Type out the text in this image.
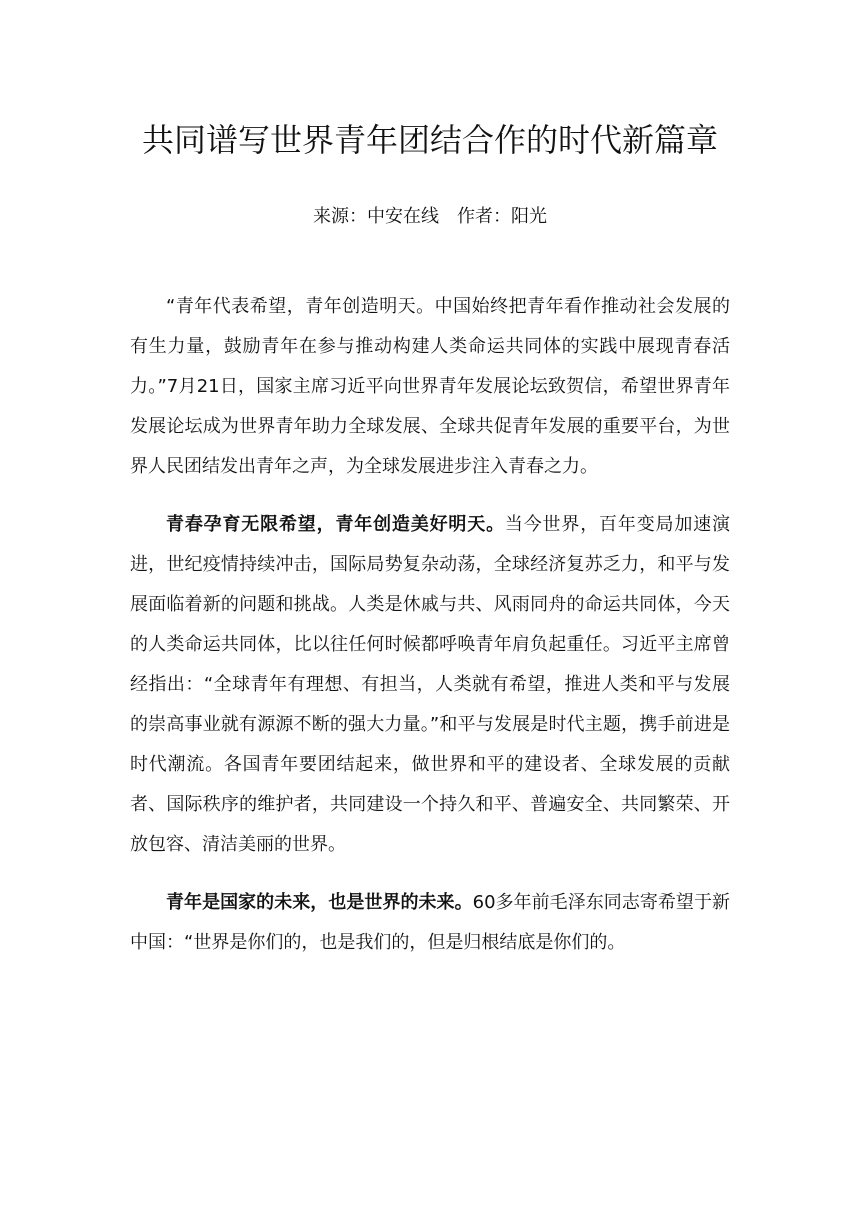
共同谱写世界青年团结合作的时代新篇章
来源：中安在线 作者：阳光

“青年代表希望，青年创造明天。中国始终把青年看作推动社会发展的有生力量，鼓励青年在参与推动构建人类命运共同体的实践中展现青春活力。”7月21日，国家主席习近平向世界青年发展论坛致贺信，希望世界青年发展论坛成为世界青年助力全球发展、全球共促青年发展的重要平台，为世界人民团结发出青年之声，为全球发展进步注入青春之力。

青春孕育无限希望，青年创造美好明天。当今世界，百年变局加速演进，世纪疫情持续冲击，国际局势复杂动荡，全球经济复苏乏力，和平与发展面临着新的问题和挑战。人类是休戚与共、风雨同舟的命运共同体，今天的人类命运共同体，比以往任何时候都呼唤青年肩负起重任。习近平主席曾经指出：“全球青年有理想、有担当，人类就有希望，推进人类和平与发展的崇高事业就有源源不断的强大力量。”和平与发展是时代主题，携手前进是时代潮流。各国青年要团结起来，做世界和平的建设者、全球发展的贡献者、国际秩序的维护者，共同建设一个持久和平、普遍安全、共同繁荣、开放包容、清洁美丽的世界。

青年是国家的未来，也是世界的未来。60多年前毛泽东同志寄希望于新中国：“世界是你们的，也是我们的，但是归根结底是你们的。
